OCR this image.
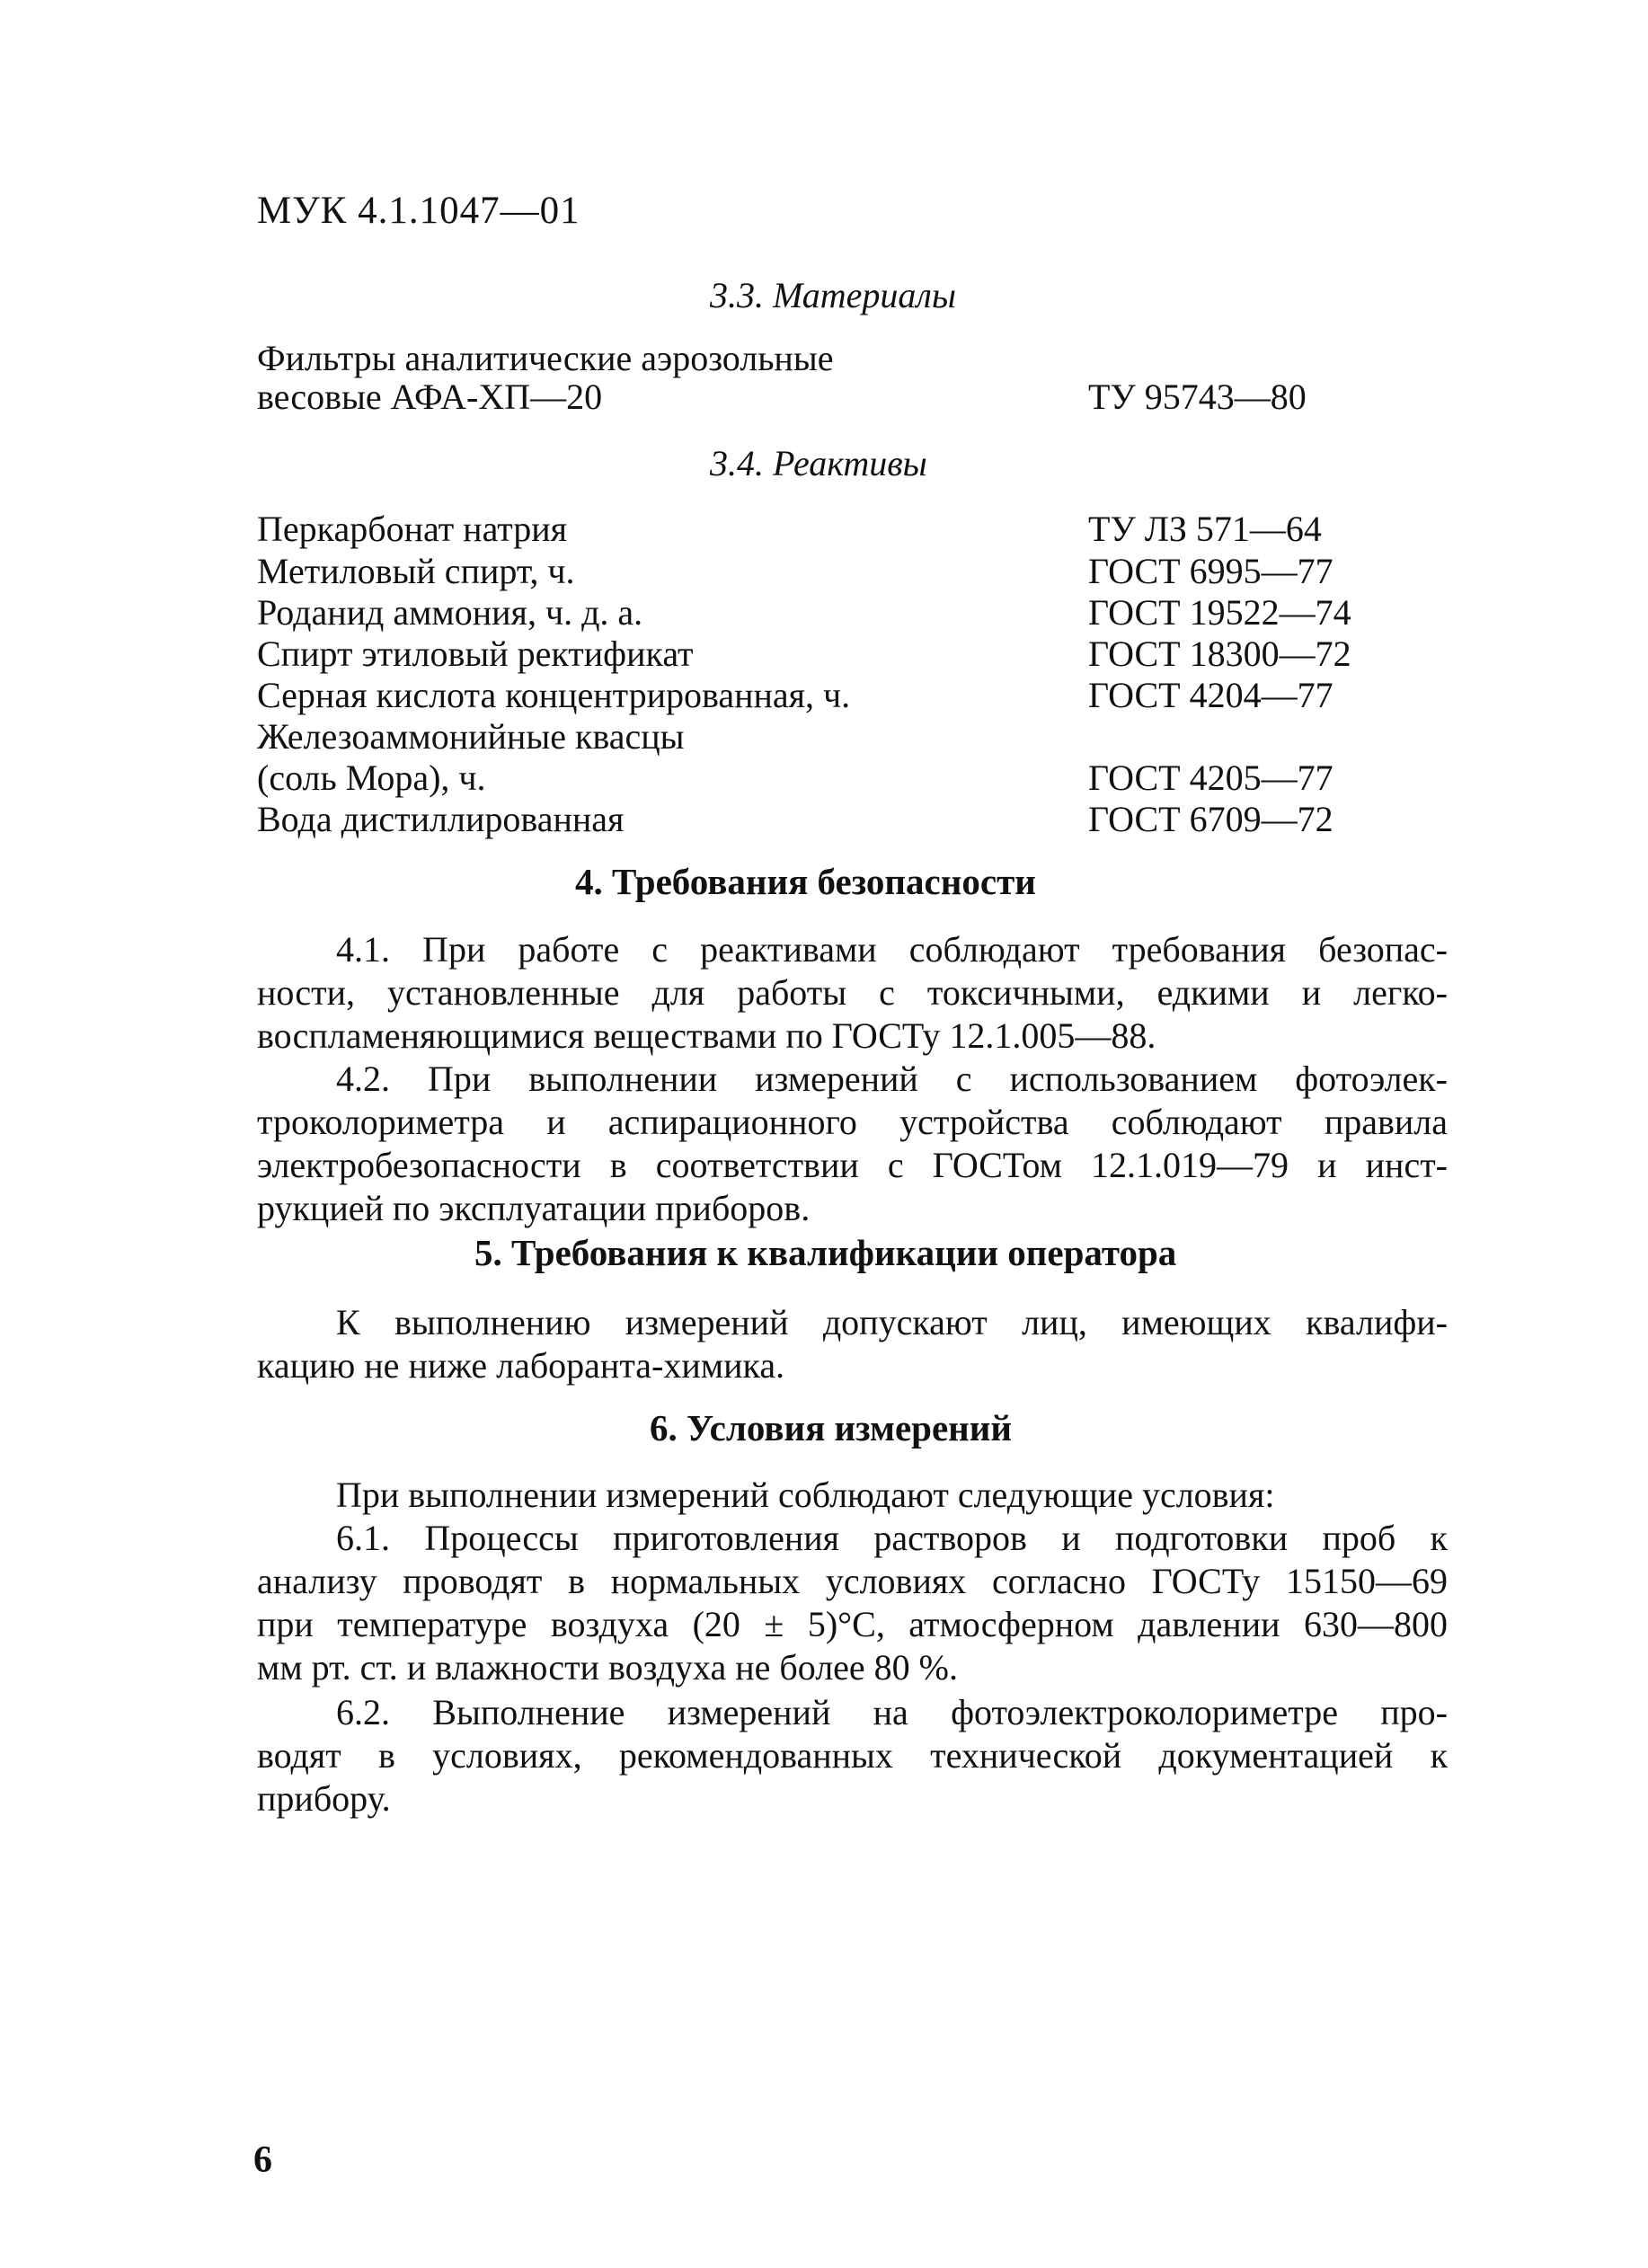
МУК 4.1.1047—01
3.3. Материалы
Фильтры аналитические аэрозольные
весовые АФА-ХП—20	ТУ 95743—80
3.4. Реактивы
Перкарбонат натрия	ТУ ЛЗ 571—64
Метиловый спирт, ч.	ГОСТ 6995—77
Роданид аммония, ч. д. а.	ГОСТ 19522—74
Спирт этиловый ректификат	ГОСТ 18300—72
Серная кислота концентрированная, ч.	ГОСТ 4204—77
Железоаммонийные квасцы
(соль Мора), ч.	ГОСТ 4205—77
Вода дистиллированная	ГОСТ 6709—72
4. Требования безопасности
4.1. При работе с реактивами соблюдают требования безопас-
ности, установленные для работы с токсичными, едкими и легко-
воспламеняющимися веществами по ГОСТу 12.1.005—88.
4.2. При выполнении измерений с использованием фотоэлек-
троколориметра и аспирационного устройства соблюдают правила
электробезопасности в соответствии с ГОСТом 12.1.019—79 и инст-
рукцией по эксплуатации приборов.
5. Требования к квалификации оператора
К выполнению измерений допускают лиц, имеющих квалифи-
кацию не ниже лаборанта-химика.
6. Условия измерений
При выполнении измерений соблюдают следующие условия:
6.1. Процессы приготовления растворов и подготовки проб к
анализу проводят в нормальных условиях согласно ГОСТу 15150—69
при температуре воздуха (20 ± 5)°С, атмосферном давлении 630—800
мм рт. ст. и влажности воздуха не более 80 %.
6.2. Выполнение измерений на фотоэлектроколориметре про-
водят в условиях, рекомендованных технической документацией к
прибору.
6
